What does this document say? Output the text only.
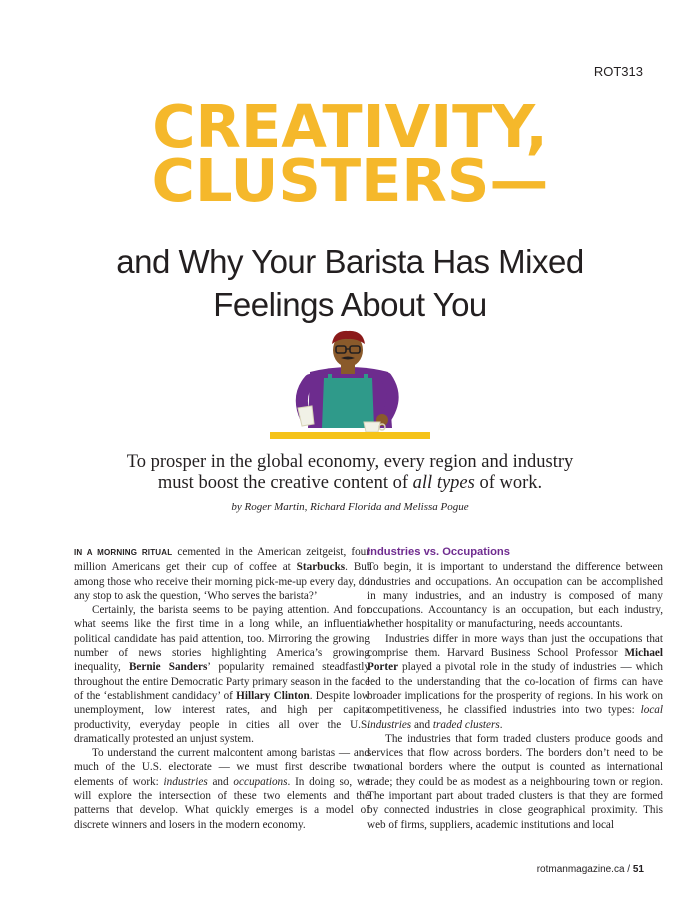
ROT313
CREATIVITY,
CLUSTERS—
and Why Your Barista Has Mixed
Feelings About You
To prosper in the global economy, every region and industry
must boost the creative content of all types of work.
by Roger Martin, Richard Florida and Melissa Pogue

IN A MORNING RITUAL cemented in the American zeitgeist, four million Americans get their cup of coffee at Starbucks. But among those who receive their morning pick-me-up every day, do any stop to ask the question, ‘Who serves the barista?’

Certainly, the barista seems to be paying attention. And for what seems like the first time in a long while, an influential political candidate has paid attention, too. Mirroring the growing number of news stories highlighting America’s growing inequality, Bernie Sanders’ popularity remained steadfastly throughout the entire Democratic Party primary season in the face of the ‘establishment candidacy’ of Hillary Clinton. Despite low unemployment, low interest rates, and high per capita productivity, everyday people in cities all over the U.S. dramatically protested an unjust system.

To understand the current malcontent among baristas — and much of the U.S. electorate — we must first describe two elements of work: industries and occupations. In doing so, we will explore the intersection of these two elements and the patterns that develop. What quickly emerges is a model of discrete winners and losers in the modern economy.

Industries vs. Occupations

To begin, it is important to understand the difference between industries and occupations. An occupation can be accomplished in many industries, and an industry is composed of many occupations. Accountancy is an occupation, but each industry, whether hospitality or manufacturing, needs accountants.

Industries differ in more ways than just the occupations that comprise them. Harvard Business School Professor Michael Porter played a pivotal role in the study of industries — which led to the understanding that the co-location of firms can have broader implications for the prosperity of regions. In his work on competitiveness, he classified industries into two types: local industries and traded clusters.

The industries that form traded clusters produce goods and services that flow across borders. The borders don’t need to be national borders where the output is counted as international trade; they could be as modest as a neighbouring town or region. The important part about traded clusters is that they are formed by connected industries in close geographical proximity. This web of firms, suppliers, academic institutions and local

rotmanmagazine.ca / 51
